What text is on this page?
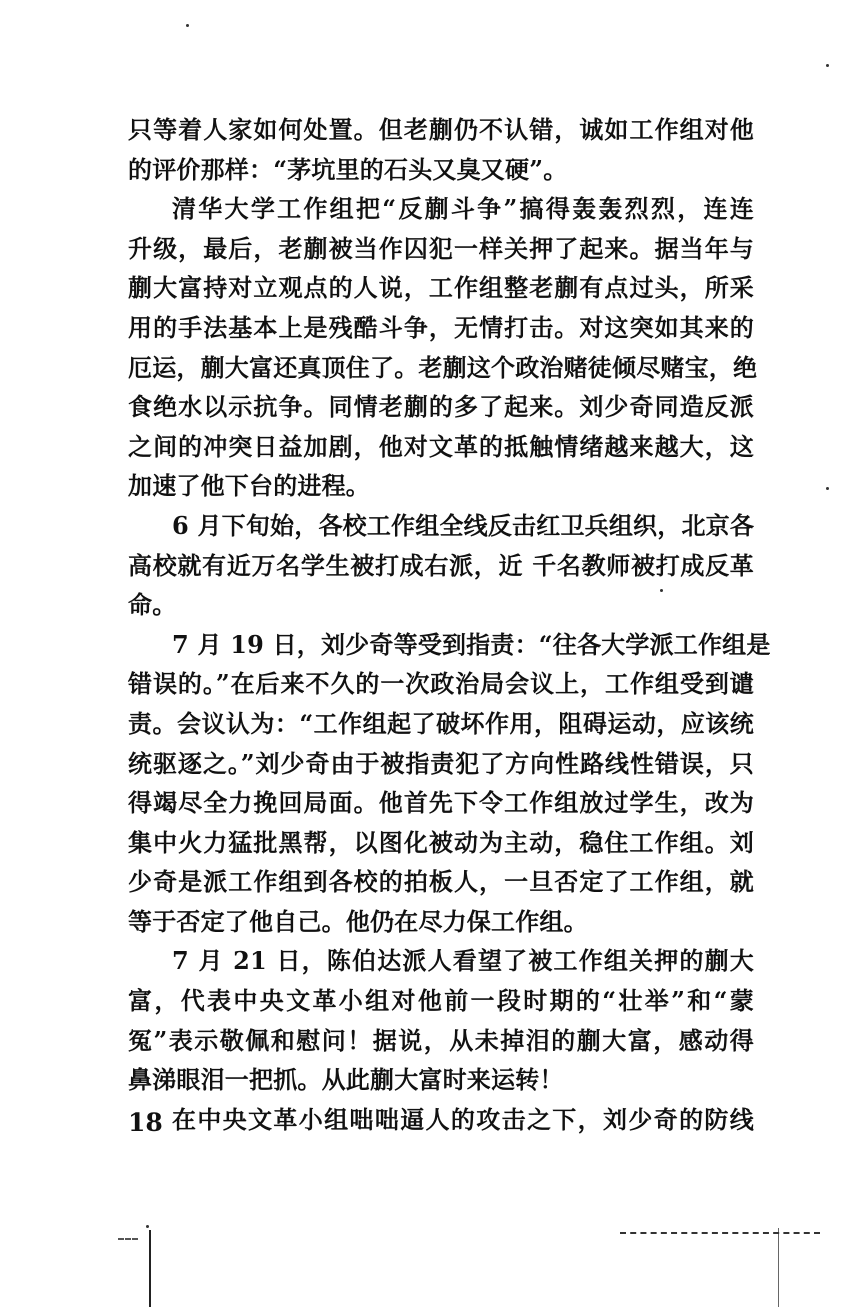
只等着人家如何处置。但老蒯仍不认错，诚如工作组对他
的评价那样：“茅坑里的石头又臭又硬”。
清华大学工作组把“反蒯斗争”搞得轰轰烈烈，连连
升级，最后，老蒯被当作囚犯一样关押了起来。据当年与
蒯大富持对立观点的人说，工作组整老蒯有点过头，所采
用的手法基本上是残酷斗争，无情打击。对这突如其来的
厄运，蒯大富还真顶住了。老蒯这个政治赌徒倾尽赌宝，绝
食绝水以示抗争。同情老蒯的多了起来。刘少奇同造反派
之间的冲突日益加剧，他对文革的抵触情绪越来越大，这
加速了他下台的进程。
6 月下旬始，各校工作组全线反击红卫兵组织，北京各
高校就有近万名学生被打成右派，近 千名教师被打成反革
命。
7 月 19 日，刘少奇等受到指责：“往各大学派工作组是
错误的。”在后来不久的一次政治局会议上，工作组受到谴
责。会议认为：“工作组起了破坏作用，阻碍运动，应该统
统驱逐之。”刘少奇由于被指责犯了方向性路线性错误，只
得竭尽全力挽回局面。他首先下令工作组放过学生，改为
集中火力猛批黑帮，以图化被动为主动，稳住工作组。刘
少奇是派工作组到各校的拍板人，一旦否定了工作组，就
等于否定了他自己。他仍在尽力保工作组。
7 月 21 日，陈伯达派人看望了被工作组关押的蒯大
富，代表中央文革小组对他前一段时期的“壮举”和“蒙
冤”表示敬佩和慰问！据说，从未掉泪的蒯大富，感动得
鼻涕眼泪一把抓。从此蒯大富时来运转！
在中央文革小组咄咄逼人的攻击之下，刘少奇的防线
18
